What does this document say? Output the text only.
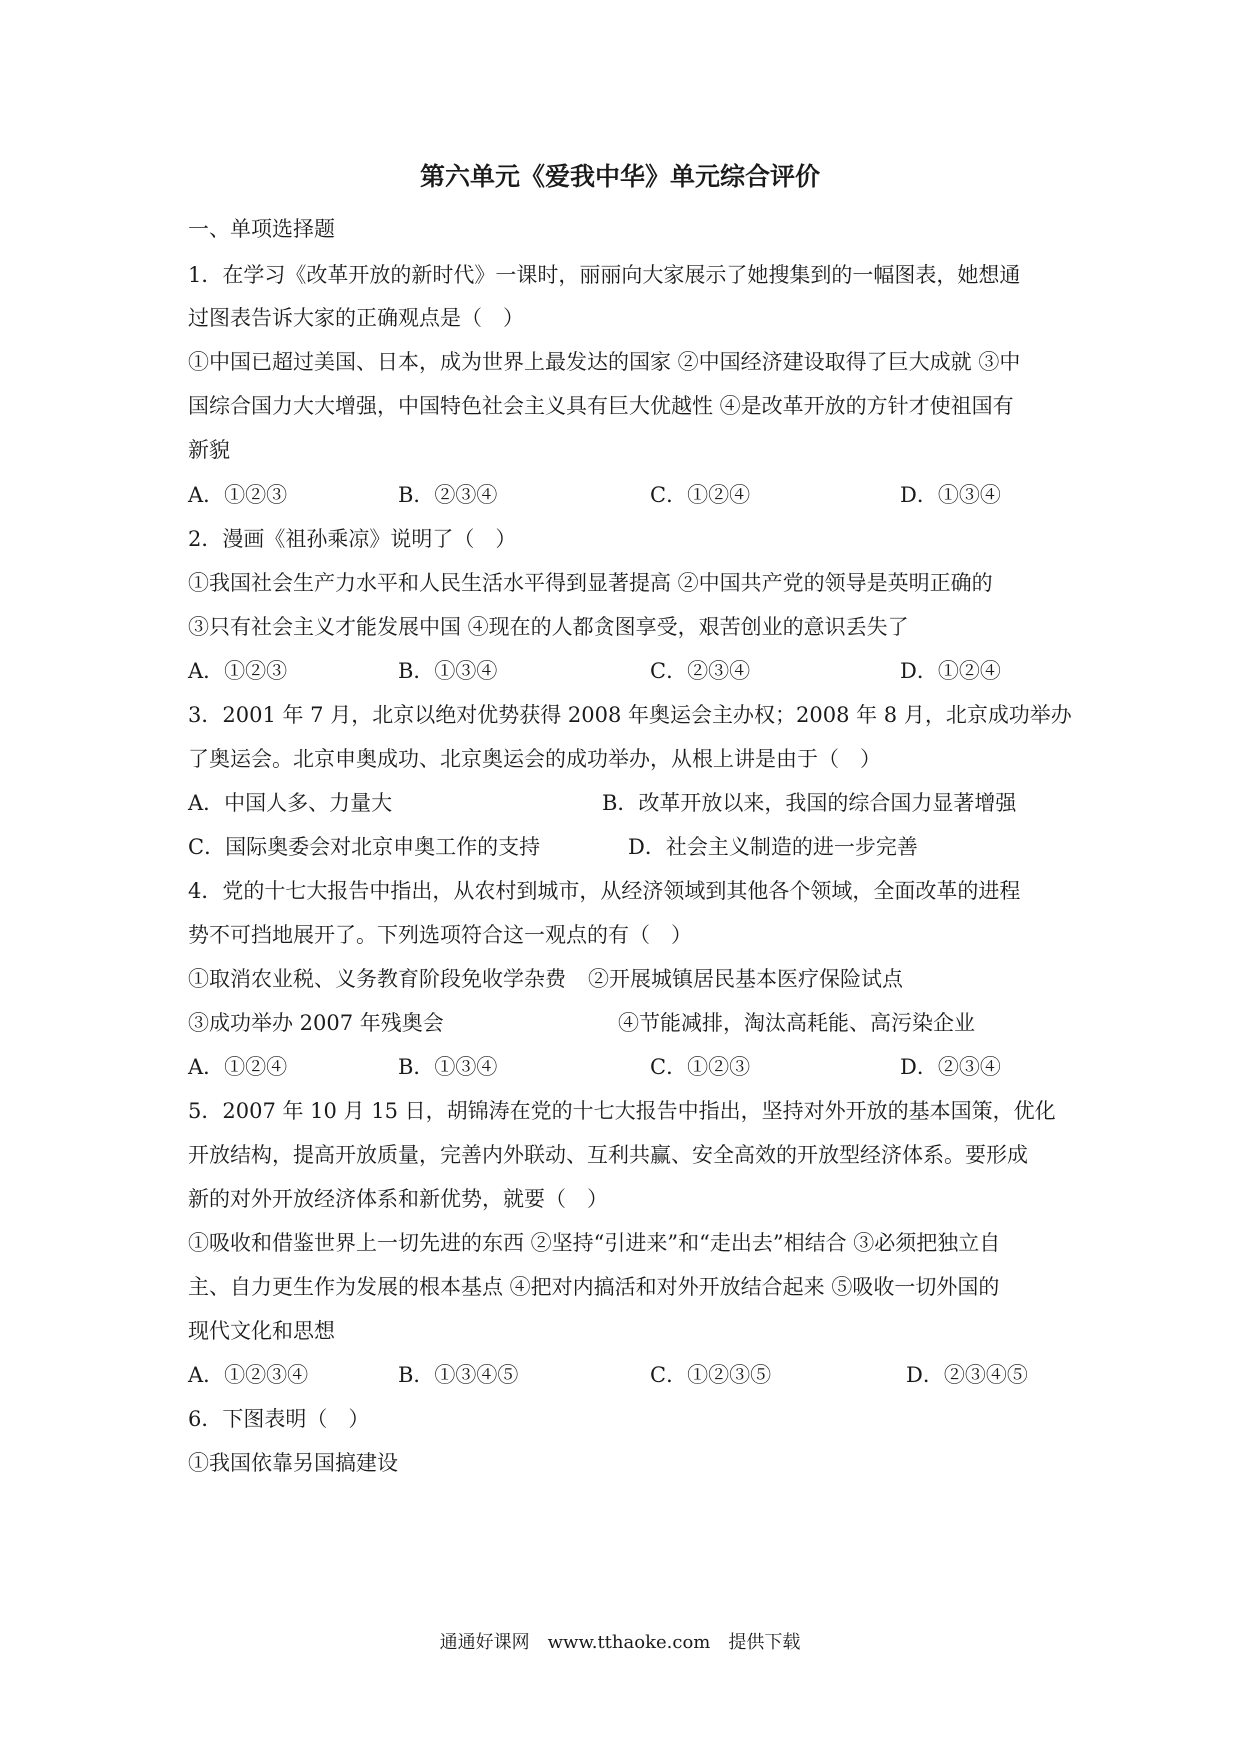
第六单元《爱我中华》单元综合评价
一、单项选择题
1．在学习《改革开放的新时代》一课时，丽丽向大家展示了她搜集到的一幅图表，她想通
过图表告诉大家的正确观点是（　）
①中国已超过美国、日本，成为世界上最发达的国家 ②中国经济建设取得了巨大成就 ③中
国综合国力大大增强，中国特色社会主义具有巨大优越性 ④是改革开放的方针才使祖国有
新貌
A．①②③	B．②③④	C．①②④	D．①③④
2．漫画《祖孙乘凉》说明了（　）
①我国社会生产力水平和人民生活水平得到显著提高 ②中国共产党的领导是英明正确的
③只有社会主义才能发展中国 ④现在的人都贪图享受，艰苦创业的意识丢失了
A．①②③	B．①③④	C．②③④	D．①②④
3．2001 年 7 月，北京以绝对优势获得 2008 年奥运会主办权；2008 年 8 月，北京成功举办
了奥运会。北京申奥成功、北京奥运会的成功举办，从根上讲是由于（　）
A．中国人多、力量大	B．改革开放以来，我国的综合国力显著增强
C．国际奥委会对北京申奥工作的支持	D．社会主义制造的进一步完善
4．党的十七大报告中指出，从农村到城市，从经济领域到其他各个领域，全面改革的进程
势不可挡地展开了。下列选项符合这一观点的有（　）
①取消农业税、义务教育阶段免收学杂费 ②开展城镇居民基本医疗保险试点
③成功举办 2007 年残奥会	④节能减排，淘汰高耗能、高污染企业
A．①②④	B．①③④	C．①②③	D．②③④
5．2007 年 10 月 15 日，胡锦涛在党的十七大报告中指出，坚持对外开放的基本国策，优化
开放结构，提高开放质量，完善内外联动、互利共赢、安全高效的开放型经济体系。要形成
新的对外开放经济体系和新优势，就要（　）
①吸收和借鉴世界上一切先进的东西 ②坚持“引进来”和“走出去”相结合 ③必须把独立自
主、自力更生作为发展的根本基点 ④把对内搞活和对外开放结合起来 ⑤吸收一切外国的
现代文化和思想
A．①②③④	B．①③④⑤	C．①②③⑤	D．②③④⑤
6．下图表明（　）
①我国依靠另国搞建设
通通好课网　www.tthaoke.com　提供下载
